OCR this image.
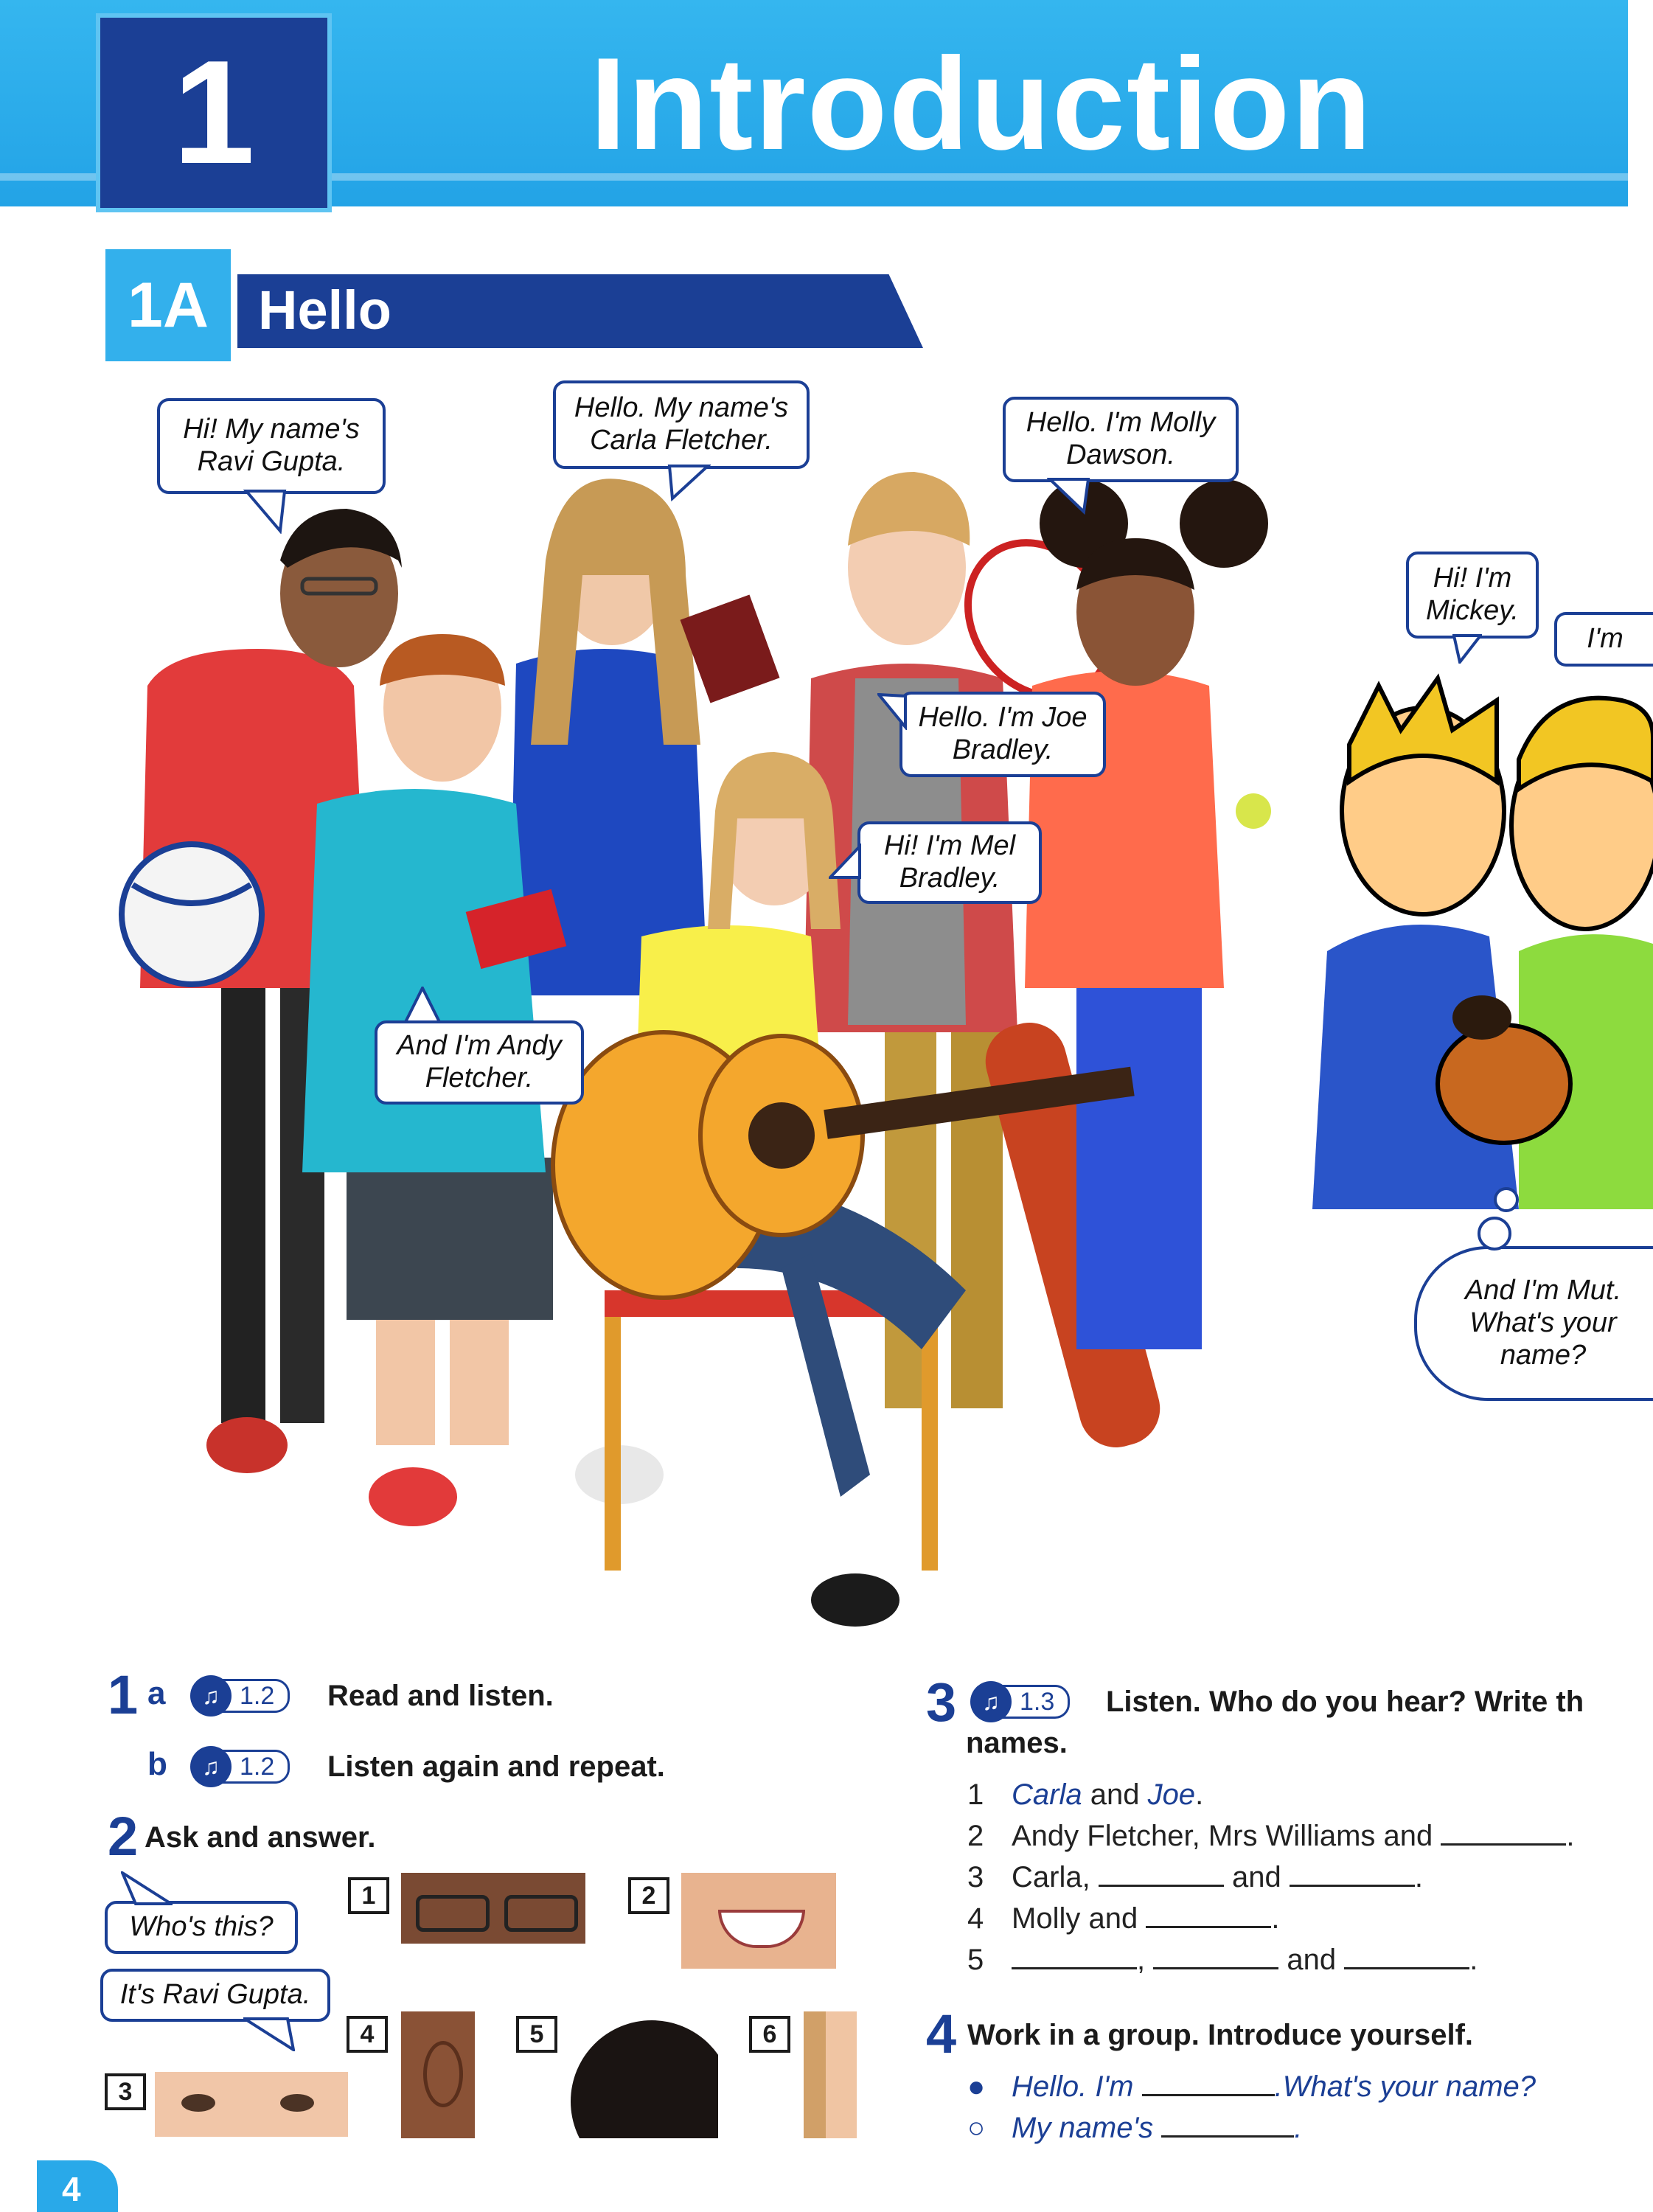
1	Introduction
1A Hello
Hi! My name's
Ravi Gupta.
Hello. My name's
Carla Fletcher.
Hello. I'm Molly
Dawson.
Hello. I'm Joe
Bradley.
Hi! I'm Mel
Bradley.
And I'm Andy
Fletcher.
Hi! I'm
Mickey.
I'm
And I'm Mut.
What's your
name?
1 a	♫ 1.2	Read and listen.
b	♫ 1.2	Listen again and repeat.
2 Ask and answer.
Who's this?
It's Ravi Gupta.
1	2
3
4	5	6
3	♫ 1.3	Listen. Who do you hear? Write th
names.
1 Carla and Joe.
2 Andy Fletcher, Mrs Williams and	.
3 Carla,	and	.
4 Molly and	.
5	,	and	.
4 Work in a group. Introduce yourself.
● Hello. I'm	.What's your name?
○ My name's	.
4
